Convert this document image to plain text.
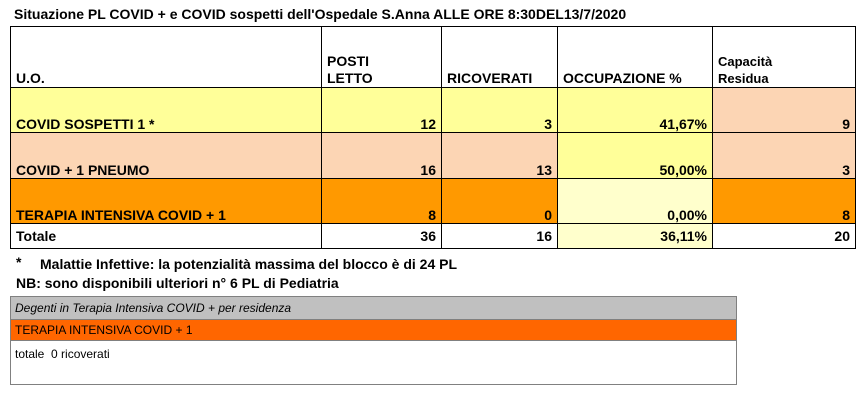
Situazione PL COVID + e COVID sospetti dell'Ospedale S.Anna ALLE ORE 8:30DEL13/7/2020
U.O.	POSTI LETTO	RICOVERATI	OCCUPAZIONE %	Capacità Residua
COVID SOSPETTI 1 *	12	3	41,67%	9
COVID + 1 PNEUMO	16	13	50,00%	3
TERAPIA INTENSIVA COVID + 1	8	0	0,00%	8
Totale	36	16	36,11%	20
* Malattie Infettive: la potenzialità massima del blocco è di 24 PL
NB: sono disponibili ulteriori n° 6 PL di Pediatria
Degenti in Terapia Intensiva COVID + per residenza
TERAPIA INTENSIVA COVID + 1
totale  0 ricoverati
